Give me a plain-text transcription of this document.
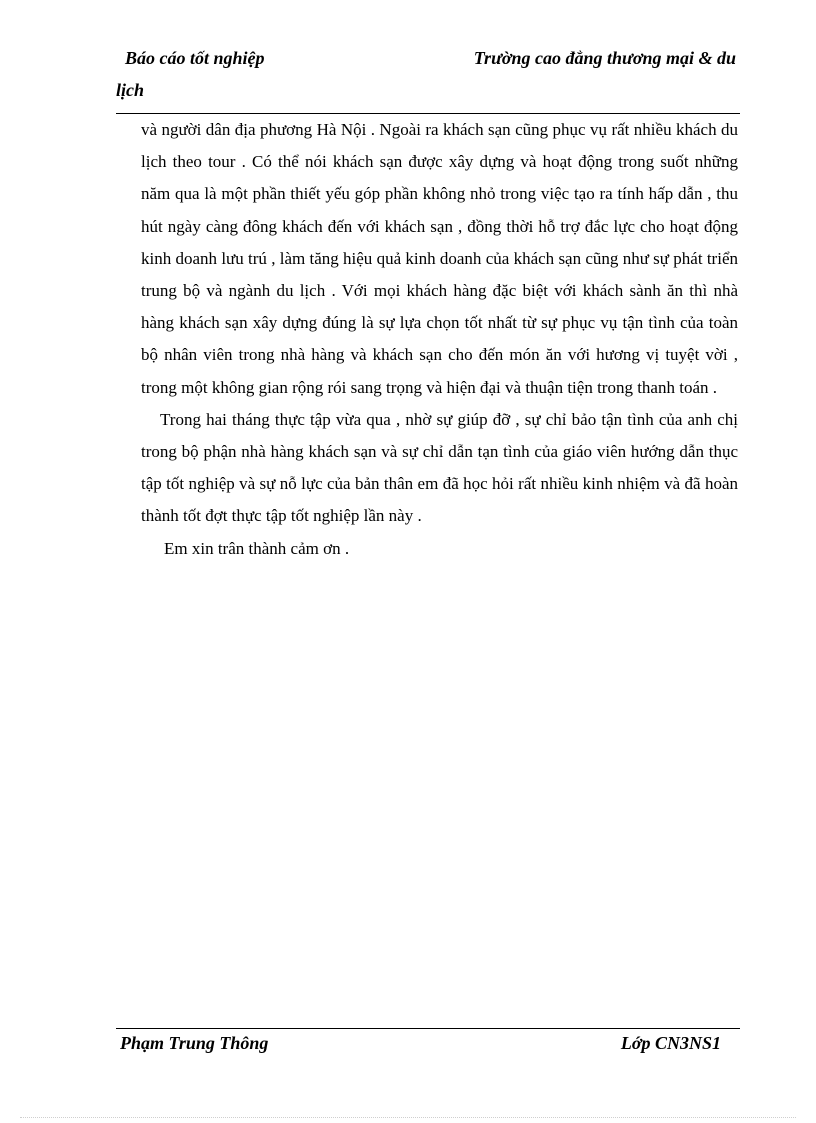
Báo cáo tốt nghiệp	Trường cao đẳng thương mại & du
lịch

và người dân địa phương Hà Nội . Ngoài ra khách sạn cũng phục vụ rất nhiều khách du lịch theo tour . Có thể nói khách sạn được xây dựng và hoạt động trong suốt những năm qua là một phần thiết yếu góp phần không nhỏ trong việc tạo ra tính hấp dẫn , thu hút ngày càng đông khách đến với khách sạn , đồng thời hỗ trợ đắc lực cho hoạt động kinh doanh lưu trú , làm tăng hiệu quả kinh doanh của khách sạn cũng như sự phát triển trung bộ và ngành du lịch . Với mọi khách hàng đặc biệt với khách sành ăn thì nhà hàng khách sạn xây dựng đúng là sự lựa chọn tốt nhất từ sự phục vụ tận tình của toàn bộ nhân viên trong nhà hàng và khách sạn cho đến món ăn với hương vị tuyệt vời , trong một không gian rộng rói sang trọng và hiện đại và thuận tiện trong thanh toán .

Trong hai tháng thực tập vừa qua , nhờ sự giúp đỡ , sự chỉ bảo tận tình của anh chị trong bộ phận nhà hàng khách sạn và sự chỉ dẫn tạn tình của giáo viên hướng dẫn thục tập tốt nghiệp và sự nỗ lực của bản thân em đã học hỏi rất nhiều kinh nhiệm và đã hoàn thành tốt đợt thực tập tốt nghiệp lần này .

Em xin trân thành cảm ơn .

Phạm Trung Thông	Lớp CN3NS1
